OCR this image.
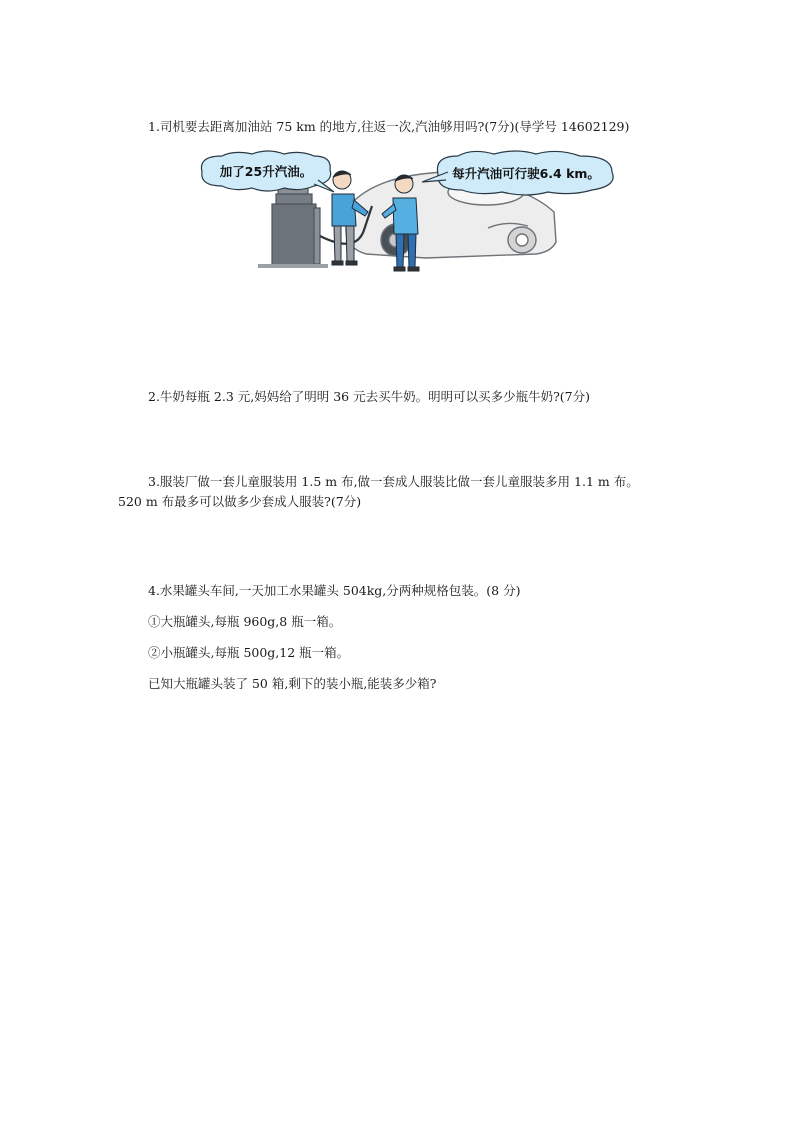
1.司机要去距离加油站 75 km 的地方,往返一次,汽油够用吗?(7分)(导学号 14602129)
加了25升汽油。	每升汽油可行驶6.4 km。
2.牛奶每瓶 2.3 元,妈妈给了明明 36 元去买牛奶。明明可以买多少瓶牛奶?(7分)
3.服装厂做一套儿童服装用 1.5 m 布,做一套成人服装比做一套儿童服装多用 1.1 m 布。
520 m 布最多可以做多少套成人服装?(7分)
4.水果罐头车间,一天加工水果罐头 504kg,分两种规格包装。(8 分)
①大瓶罐头,每瓶 960g,8 瓶一箱。
②小瓶罐头,每瓶 500g,12 瓶一箱。
已知大瓶罐头装了 50 箱,剩下的装小瓶,能装多少箱?
